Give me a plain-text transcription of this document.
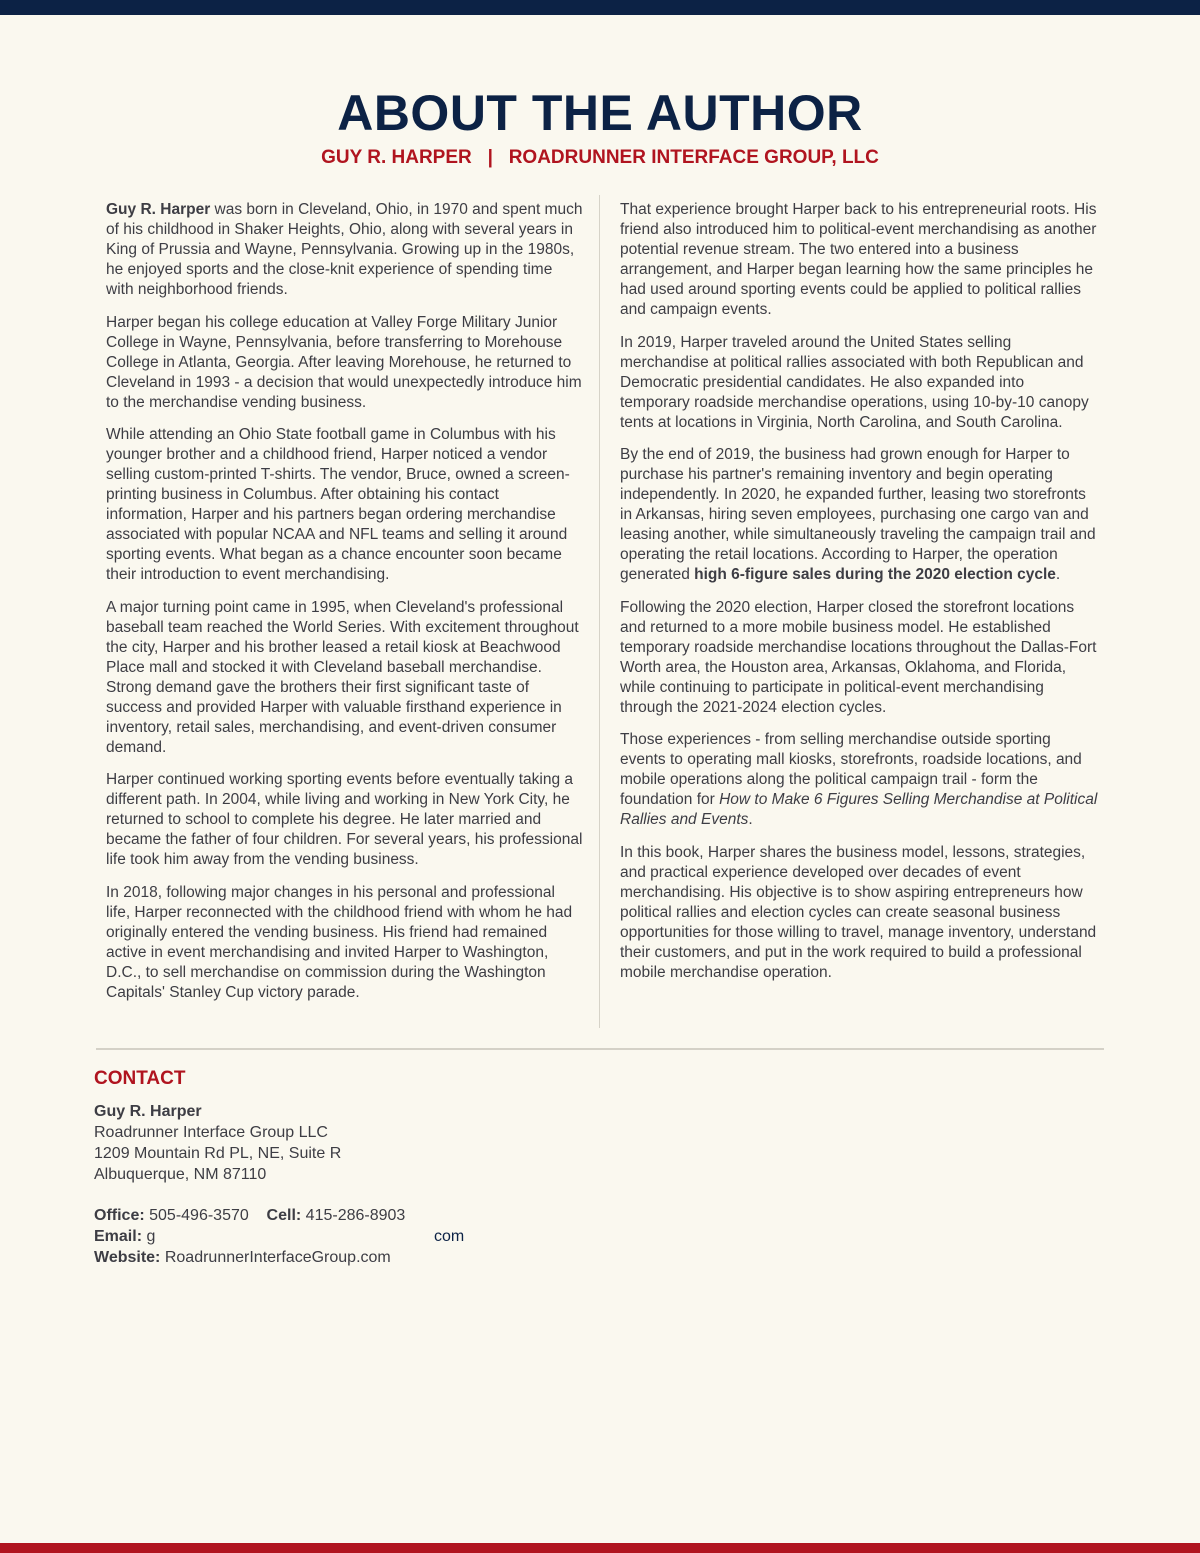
ABOUT THE AUTHOR
GUY R. HARPER   |   ROADRUNNER INTERFACE GROUP, LLC

Guy R. Harper was born in Cleveland, Ohio, in 1970 and spent much of his childhood in Shaker Heights, Ohio, along with several years in King of Prussia and Wayne, Pennsylvania. Growing up in the 1980s, he enjoyed sports and the close-knit experience of spending time with neighborhood friends.

Harper began his college education at Valley Forge Military Junior College in Wayne, Pennsylvania, before transferring to Morehouse College in Atlanta, Georgia. After leaving Morehouse, he returned to Cleveland in 1993 - a decision that would unexpectedly introduce him to the merchandise vending business.

While attending an Ohio State football game in Columbus with his younger brother and a childhood friend, Harper noticed a vendor selling custom-printed T-shirts. The vendor, Bruce, owned a screen-printing business in Columbus. After obtaining his contact information, Harper and his partners began ordering merchandise associated with popular NCAA and NFL teams and selling it around sporting events. What began as a chance encounter soon became their introduction to event merchandising.

A major turning point came in 1995, when Cleveland's professional baseball team reached the World Series. With excitement throughout the city, Harper and his brother leased a retail kiosk at Beachwood Place mall and stocked it with Cleveland baseball merchandise. Strong demand gave the brothers their first significant taste of success and provided Harper with valuable firsthand experience in inventory, retail sales, merchandising, and event-driven consumer demand.

Harper continued working sporting events before eventually taking a different path. In 2004, while living and working in New York City, he returned to school to complete his degree. He later married and became the father of four children. For several years, his professional life took him away from the vending business.

In 2018, following major changes in his personal and professional life, Harper reconnected with the childhood friend with whom he had originally entered the vending business. His friend had remained active in event merchandising and invited Harper to Washington, D.C., to sell merchandise on commission during the Washington Capitals' Stanley Cup victory parade.

That experience brought Harper back to his entrepreneurial roots. His friend also introduced him to political-event merchandising as another potential revenue stream. The two entered into a business arrangement, and Harper began learning how the same principles he had used around sporting events could be applied to political rallies and campaign events.

In 2019, Harper traveled around the United States selling merchandise at political rallies associated with both Republican and Democratic presidential candidates. He also expanded into temporary roadside merchandise operations, using 10-by-10 canopy tents at locations in Virginia, North Carolina, and South Carolina.

By the end of 2019, the business had grown enough for Harper to purchase his partner's remaining inventory and begin operating independently. In 2020, he expanded further, leasing two storefronts in Arkansas, hiring seven employees, purchasing one cargo van and leasing another, while simultaneously traveling the campaign trail and operating the retail locations. According to Harper, the operation generated high 6-figure sales during the 2020 election cycle.

Following the 2020 election, Harper closed the storefront locations and returned to a more mobile business model. He established temporary roadside merchandise locations throughout the Dallas-Fort Worth area, the Houston area, Arkansas, Oklahoma, and Florida, while continuing to participate in political-event merchandising through the 2021-2024 election cycles.

Those experiences - from selling merchandise outside sporting events to operating mall kiosks, storefronts, roadside locations, and mobile operations along the political campaign trail - form the foundation for How to Make 6 Figures Selling Merchandise at Political Rallies and Events.

In this book, Harper shares the business model, lessons, strategies, and practical experience developed over decades of event merchandising. His objective is to show aspiring entrepreneurs how political rallies and election cycles can create seasonal business opportunities for those willing to travel, manage inventory, understand their customers, and put in the work required to build a professional mobile merchandise operation.

CONTACT
Guy R. Harper
Roadrunner Interface Group LLC
1209 Mountain Rd PL, NE, Suite R
Albuquerque, NM 87110
Office: 505-496-3570 Cell: 415-286-8903
Email: g	com
Website: RoadrunnerInterfaceGroup.com
